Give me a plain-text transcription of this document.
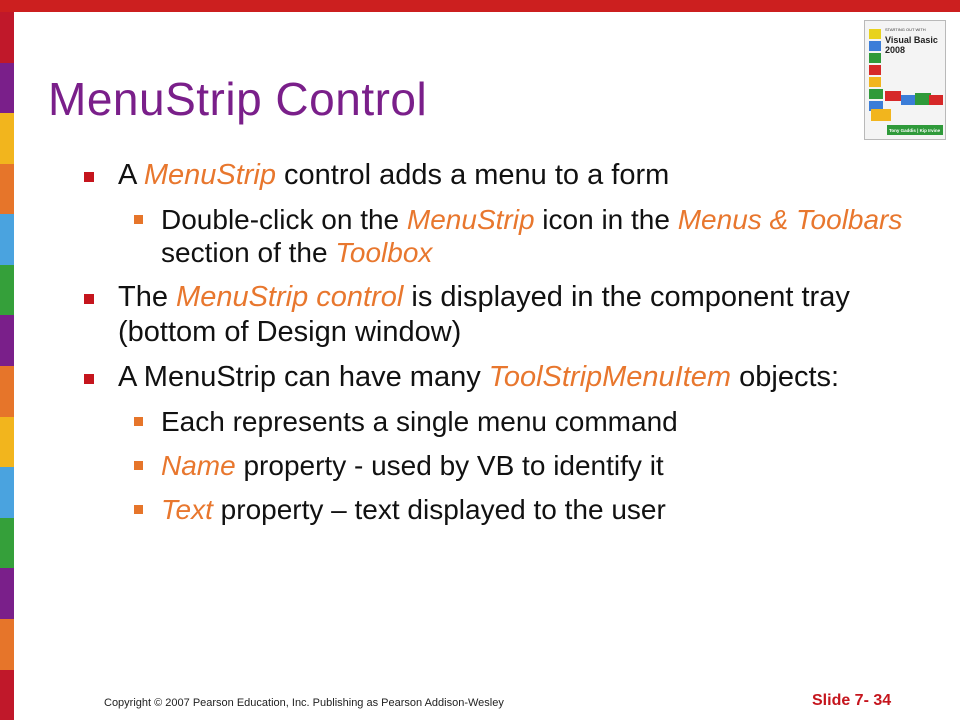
MenuStrip Control
STARTING OUT WITH
Visual Basic
2008
Tony Gaddis | Kip Irvine
A MenuStrip control adds a menu to a form
Double-click on the MenuStrip icon in the Menus & Toolbars section of the Toolbox
The MenuStrip control is displayed in the component tray (bottom of Design window)
A MenuStrip can have many ToolStripMenuItem objects:
Each represents a single menu command
Name property - used by VB to identify it
Text property – text displayed to the user
Copyright © 2007 Pearson Education, Inc. Publishing as Pearson Addison-Wesley	Slide 7- 34
